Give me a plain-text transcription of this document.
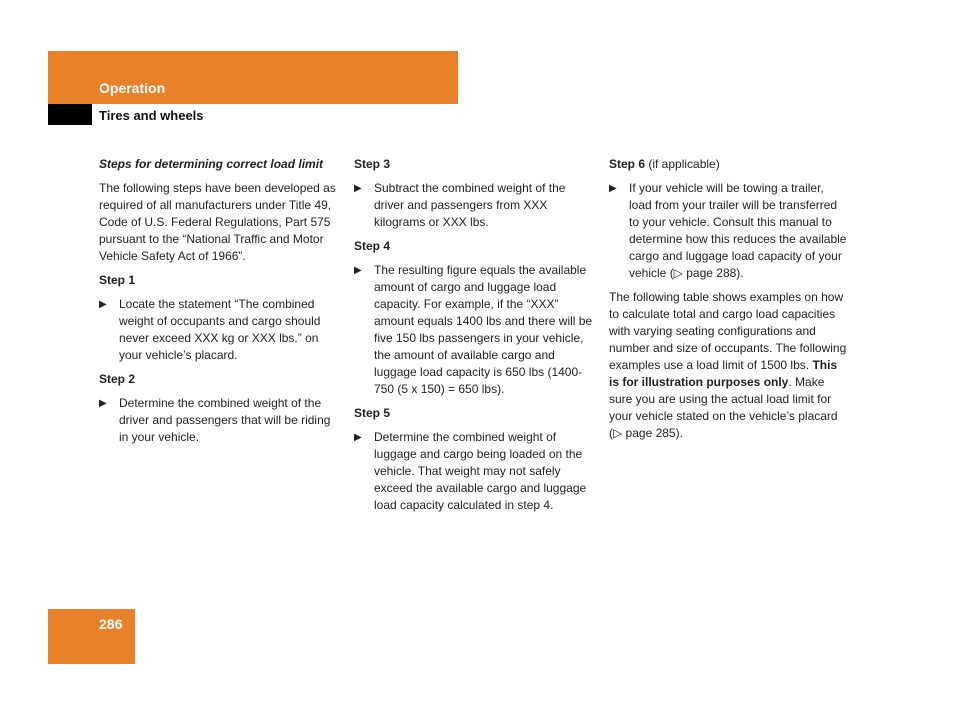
Operation
Tires and wheels
Steps for determining correct load limit

The following steps have been developed as required of all manufacturers under Title 49, Code of U.S. Federal Regulations, Part 575 pursuant to the “National Traffic and Motor Vehicle Safety Act of 1966”.

Step 1
▶ Locate the statement “The combined weight of occupants and cargo should never exceed XXX kg or XXX lbs.” on your vehicle’s placard.
Step 2
▶ Determine the combined weight of the driver and passengers that will be riding in your vehicle.
Step 3
▶ Subtract the combined weight of the driver and passengers from XXX kilograms or XXX lbs.
Step 4
▶ The resulting figure equals the available amount of cargo and luggage load capacity. For example, if the “XXX” amount equals 1400 lbs and there will be five 150 lbs passengers in your vehicle, the amount of available cargo and luggage load capacity is 650 lbs (1400-750 (5 x 150) = 650 lbs).
Step 5
▶ Determine the combined weight of luggage and cargo being loaded on the vehicle. That weight may not safely exceed the available cargo and luggage load capacity calculated in step 4.
Step 6 (if applicable)
▶ If your vehicle will be towing a trailer, load from your trailer will be transferred to your vehicle. Consult this manual to determine how this reduces the available cargo and luggage load capacity of your vehicle (▷ page 288).

The following table shows examples on how to calculate total and cargo load capacities with varying seating configurations and number and size of occupants. The following examples use a load limit of 1500 lbs. This is for illustration purposes only. Make sure you are using the actual load limit for your vehicle stated on the vehicle’s placard (▷ page 285).

286
